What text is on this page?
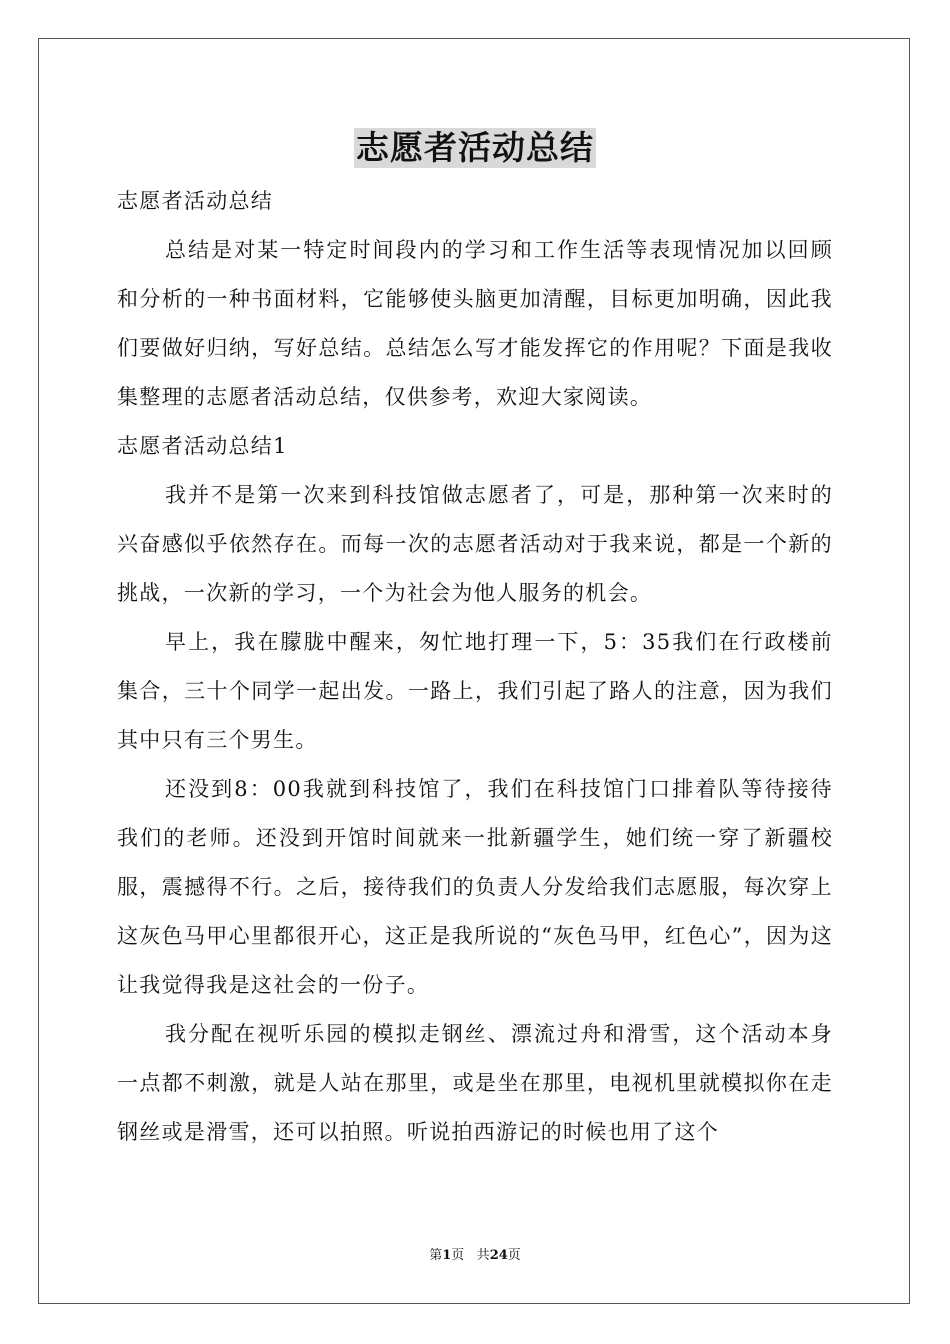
志愿者活动总结

志愿者活动总结

总结是对某一特定时间段内的学习和工作生活等表现情况加以回顾和分析的一种书面材料，它能够使头脑更加清醒，目标更加明确，因此我们要做好归纳，写好总结。总结怎么写才能发挥它的作用呢？下面是我收集整理的志愿者活动总结，仅供参考，欢迎大家阅读。

志愿者活动总结1

我并不是第一次来到科技馆做志愿者了，可是，那种第一次来时的兴奋感似乎依然存在。而每一次的志愿者活动对于我来说，都是一个新的挑战，一次新的学习，一个为社会为他人服务的机会。

早上，我在朦胧中醒来，匆忙地打理一下，5：35我们在行政楼前集合，三十个同学一起出发。一路上，我们引起了路人的注意，因为我们其中只有三个男生。

还没到8：00我就到科技馆了，我们在科技馆门口排着队等待接待我们的老师。还没到开馆时间就来一批新疆学生，她们统一穿了新疆校服，震撼得不行。之后，接待我们的负责人分发给我们志愿服，每次穿上这灰色马甲心里都很开心，这正是我所说的“灰色马甲，红色心”，因为这让我觉得我是这社会的一份子。

我分配在视听乐园的模拟走钢丝、漂流过舟和滑雪，这个活动本身一点都不刺激，就是人站在那里，或是坐在那里，电视机里就模拟你在走钢丝或是滑雪，还可以拍照。听说拍西游记的时候也用了这个

第1页 共24页
